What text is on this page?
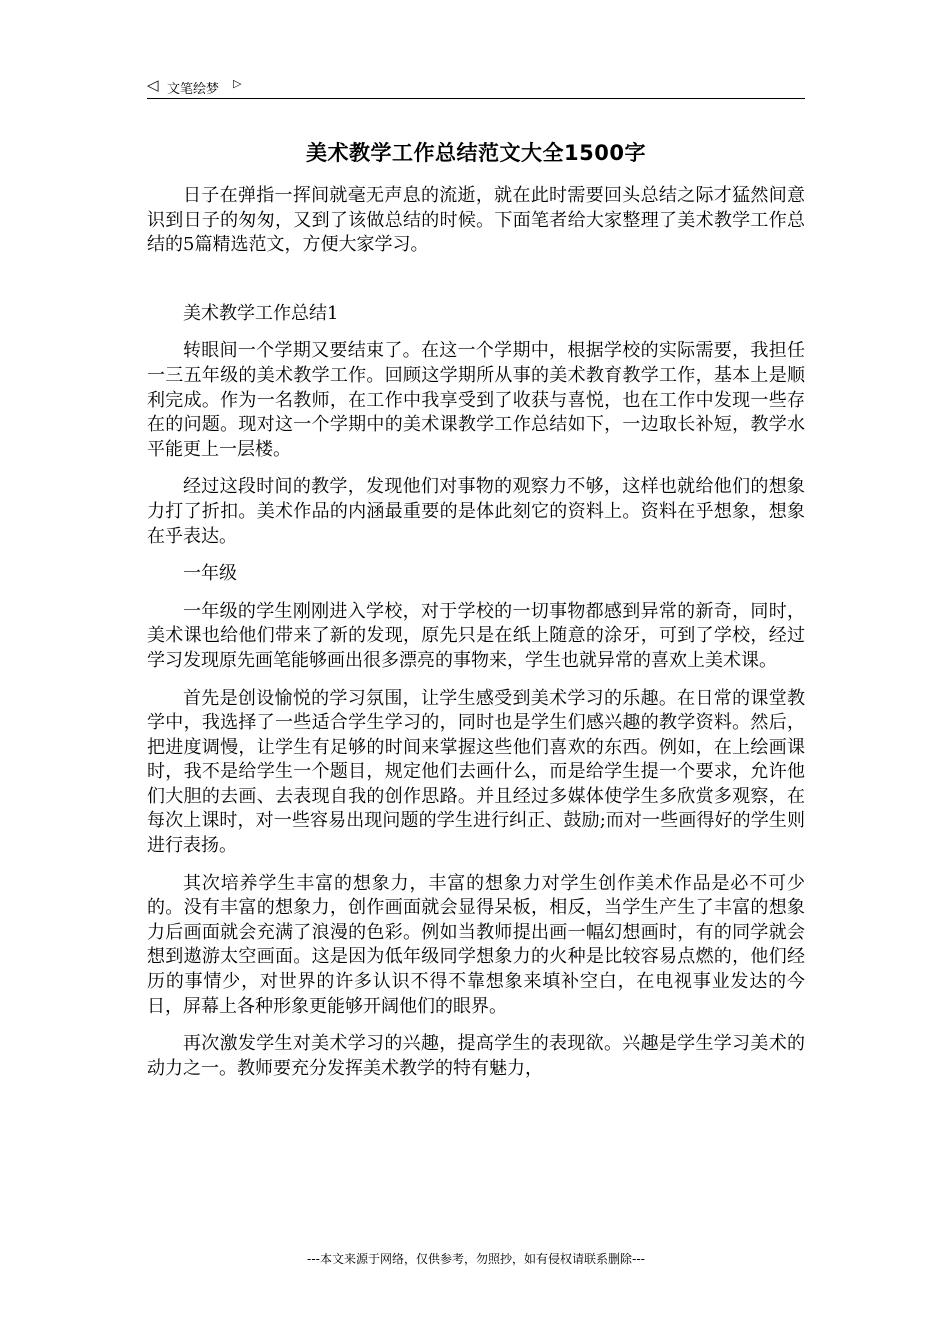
◁ 文笔绘梦 ▷
美术教学工作总结范文大全1500字

日子在弹指一挥间就毫无声息的流逝，就在此时需要回头总结之际才猛然间意识到日子的匆匆，又到了该做总结的时候。下面笔者给大家整理了美术教学工作总结的5篇精选范文，方便大家学习。

美术教学工作总结1

转眼间一个学期又要结束了。在这一个学期中，根据学校的实际需要，我担任一三五年级的美术教学工作。回顾这学期所从事的美术教育教学工作，基本上是顺利完成。作为一名教师，在工作中我享受到了收获与喜悦，也在工作中发现一些存在的问题。现对这一个学期中的美术课教学工作总结如下，一边取长补短，教学水平能更上一层楼。

经过这段时间的教学，发现他们对事物的观察力不够，这样也就给他们的想象力打了折扣。美术作品的内涵最重要的是体此刻它的资料上。资料在乎想象，想象在乎表达。

一年级

一年级的学生刚刚进入学校，对于学校的一切事物都感到异常的新奇，同时，美术课也给他们带来了新的发现，原先只是在纸上随意的涂牙，可到了学校，经过学习发现原先画笔能够画出很多漂亮的事物来，学生也就异常的喜欢上美术课。

首先是创设愉悦的学习氛围，让学生感受到美术学习的乐趣。在日常的课堂教学中，我选择了一些适合学生学习的，同时也是学生们感兴趣的教学资料。然后，把进度调慢，让学生有足够的时间来掌握这些他们喜欢的东西。例如，在上绘画课时，我不是给学生一个题目，规定他们去画什么，而是给学生提一个要求，允许他们大胆的去画、去表现自我的创作思路。并且经过多媒体使学生多欣赏多观察，在每次上课时，对一些容易出现问题的学生进行纠正、鼓励;而对一些画得好的学生则进行表扬。

其次培养学生丰富的想象力，丰富的想象力对学生创作美术作品是必不可少的。没有丰富的想象力，创作画面就会显得呆板，相反，当学生产生了丰富的想象力后画面就会充满了浪漫的色彩。例如当教师提出画一幅幻想画时，有的同学就会想到遨游太空画面。这是因为低年级同学想象力的火种是比较容易点燃的，他们经历的事情少，对世界的许多认识不得不靠想象来填补空白，在电视事业发达的今日，屏幕上各种形象更能够开阔他们的眼界。

再次激发学生对美术学习的兴趣，提高学生的表现欲。兴趣是学生学习美术的动力之一。教师要充分发挥美术教学的特有魅力，

---本文来源于网络，仅供参考，勿照抄，如有侵权请联系删除---
